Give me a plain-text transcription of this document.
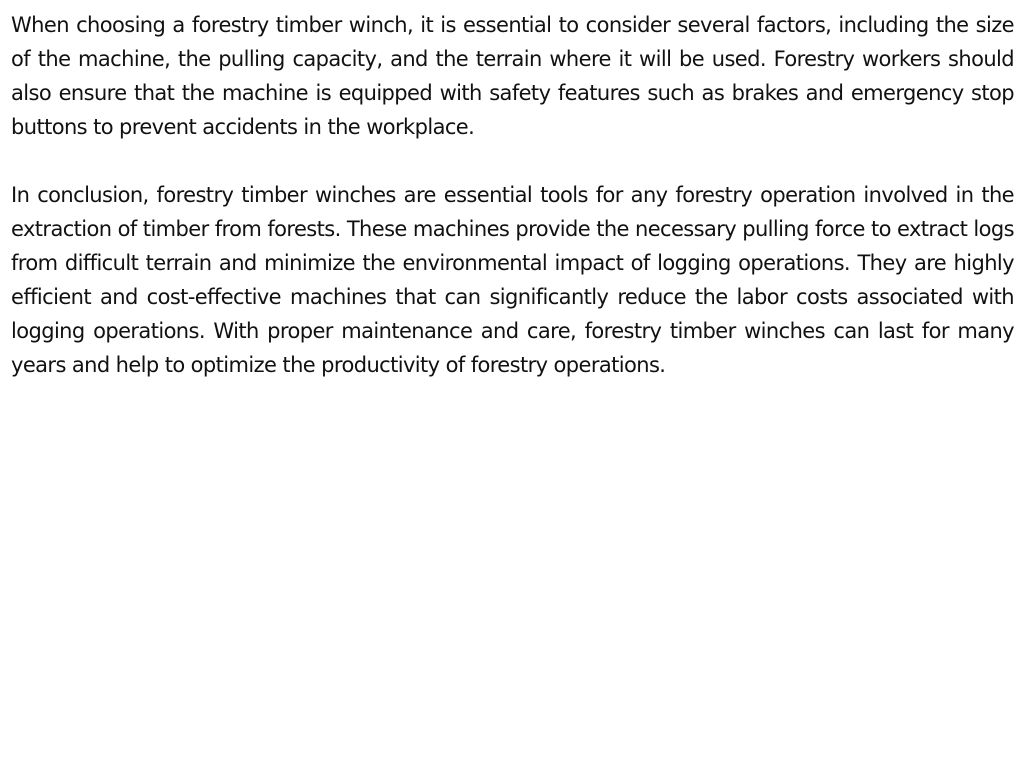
When choosing a forestry timber winch, it is essential to consider several factors, including the size of the machine, the pulling capacity, and the terrain where it will be used. Forestry workers should also ensure that the machine is equipped with safety features such as brakes and emergency stop buttons to prevent accidents in the workplace.

In conclusion, forestry timber winches are essential tools for any forestry operation involved in the extraction of timber from forests. These machines provide the necessary pulling force to extract logs from difficult terrain and minimize the environmental impact of logging operations. They are highly efficient and cost-effective machines that can significantly reduce the labor costs associated with logging operations. With proper maintenance and care, forestry timber winches can last for many years and help to optimize the productivity of forestry operations.
